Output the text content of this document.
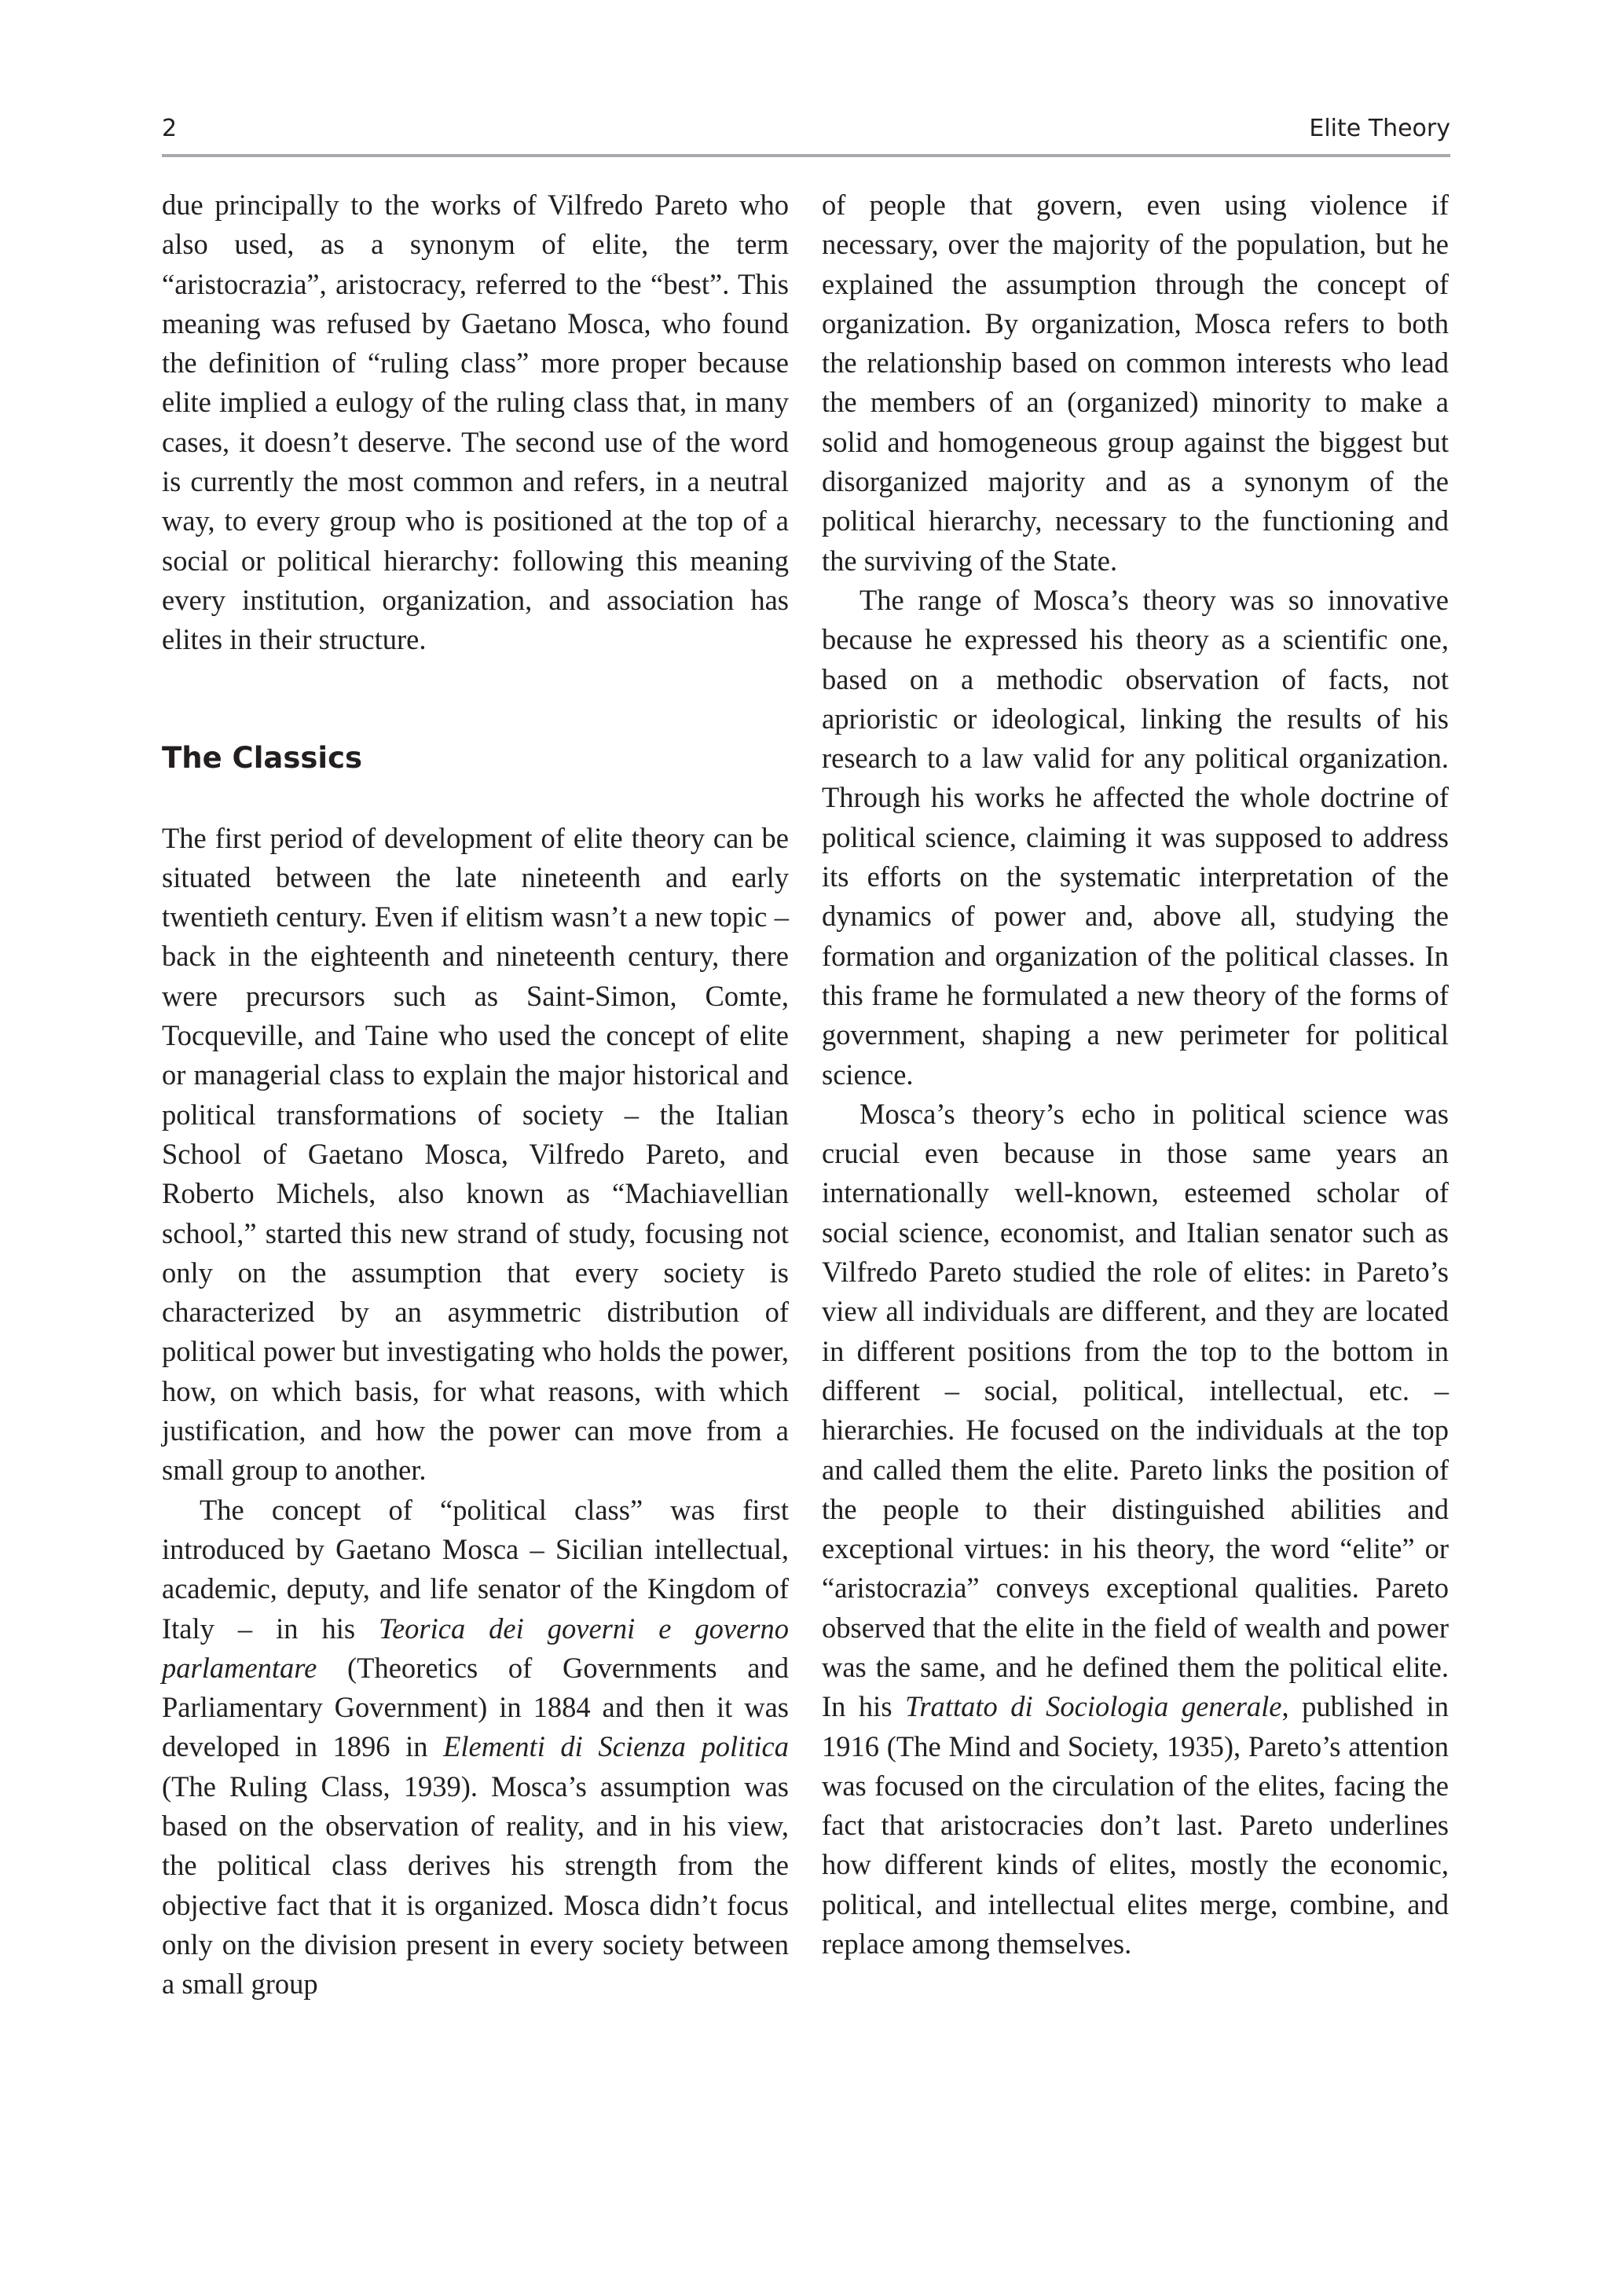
2	Elite Theory

due principally to the works of Vilfredo Pareto who also used, as a synonym of elite, the term “aristocrazia”, aristocracy, referred to the “best”. This meaning was refused by Gaetano Mosca, who found the definition of “ruling class” more proper because elite implied a eulogy of the ruling class that, in many cases, it doesn’t deserve. The second use of the word is currently the most common and refers, in a neutral way, to every group who is positioned at the top of a social or political hierarchy: following this meaning every institution, organization, and association has elites in their structure.

The Classics

The first period of development of elite theory can be situated between the late nineteenth and early twentieth century. Even if elitism wasn’t a new topic – back in the eighteenth and nineteenth century, there were precursors such as Saint-Simon, Comte, Tocqueville, and Taine who used the concept of elite or managerial class to explain the major historical and political transformations of society – the Italian School of Gaetano Mosca, Vilfredo Pareto, and Roberto Michels, also known as “Machiavellian school,” started this new strand of study, focusing not only on the assumption that every society is characterized by an asymmetric distribution of political power but investigating who holds the power, how, on which basis, for what reasons, with which justification, and how the power can move from a small group to another.

The concept of “political class” was first introduced by Gaetano Mosca – Sicilian intellectual, academic, deputy, and life senator of the Kingdom of Italy – in his Teorica dei governi e governo parlamentare (Theoretics of Governments and Parliamentary Government) in 1884 and then it was developed in 1896 in Elementi di Scienza politica (The Ruling Class, 1939). Mosca’s assumption was based on the observation of reality, and in his view, the political class derives his strength from the objective fact that it is organized. Mosca didn’t focus only on the division present in every society between a small group

of people that govern, even using violence if necessary, over the majority of the population, but he explained the assumption through the concept of organization. By organization, Mosca refers to both the relationship based on common interests who lead the members of an (organized) minority to make a solid and homogeneous group against the biggest but disorganized majority and as a synonym of the political hierarchy, necessary to the functioning and the surviving of the State.

The range of Mosca’s theory was so innovative because he expressed his theory as a scientific one, based on a methodic observation of facts, not aprioristic or ideological, linking the results of his research to a law valid for any political organization. Through his works he affected the whole doctrine of political science, claiming it was supposed to address its efforts on the systematic interpretation of the dynamics of power and, above all, studying the formation and organization of the political classes. In this frame he formulated a new theory of the forms of government, shaping a new perimeter for political science.

Mosca’s theory’s echo in political science was crucial even because in those same years an internationally well-known, esteemed scholar of social science, economist, and Italian senator such as Vilfredo Pareto studied the role of elites: in Pareto’s view all individuals are different, and they are located in different positions from the top to the bottom in different – social, political, intellectual, etc. – hierarchies. He focused on the individuals at the top and called them the elite. Pareto links the position of the people to their distinguished abilities and exceptional virtues: in his theory, the word “elite” or “aristocrazia” conveys exceptional qualities. Pareto observed that the elite in the field of wealth and power was the same, and he defined them the political elite. In his Trattato di Sociologia generale, published in 1916 (The Mind and Society, 1935), Pareto’s attention was focused on the circulation of the elites, facing the fact that aristocracies don’t last. Pareto underlines how different kinds of elites, mostly the economic, political, and intellectual elites merge, combine, and replace among themselves.
